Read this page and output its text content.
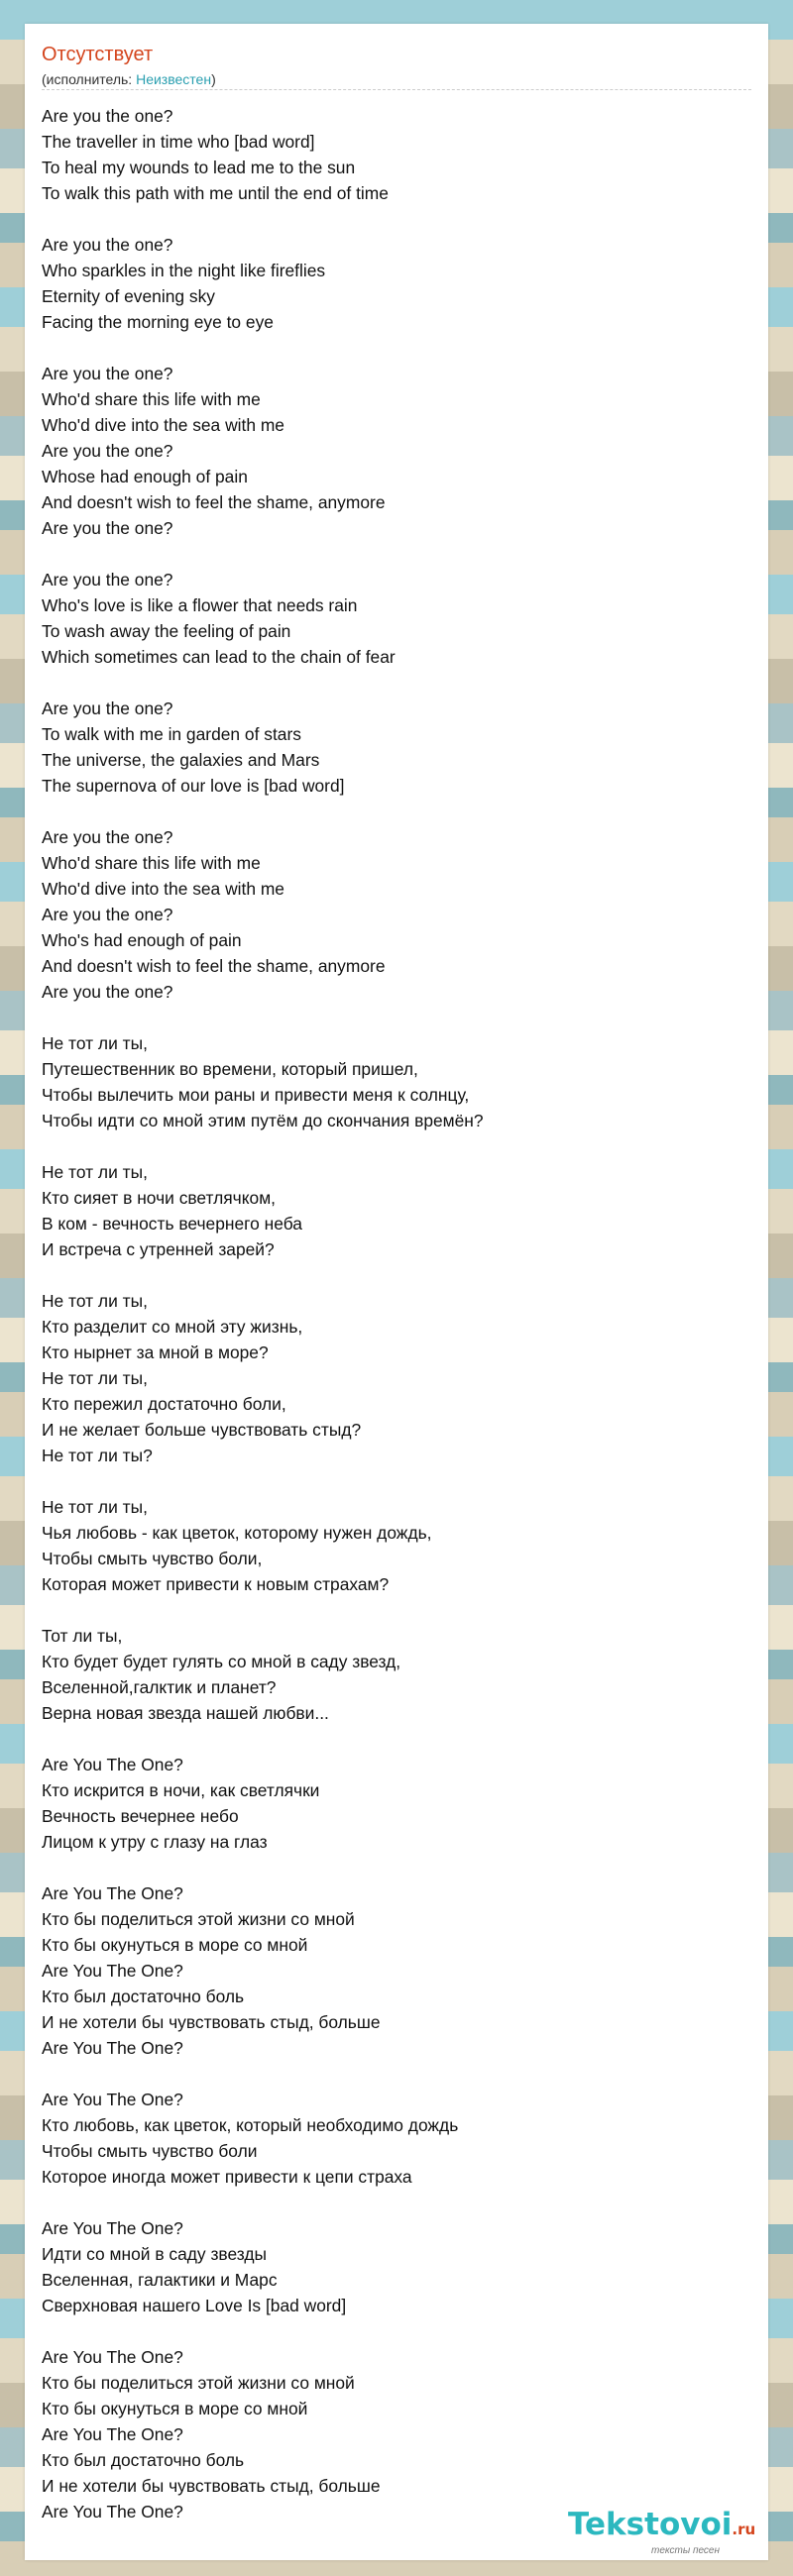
Отсутствует
(исполнитель: Неизвестен)
Are you the one?
The traveller in time who [bad word]
To heal my wounds to lead me to the sun
To walk this path with me until the end of time
Are you the one?
Who sparkles in the night like fireflies
Eternity of evening sky
Facing the morning eye to eye
Are you the one?
Who'd share this life with me
Who'd dive into the sea with me
Are you the one?
Whose had enough of pain
And doesn't wish to feel the shame, anymore
Are you the one?
Are you the one?
Who's love is like a flower that needs rain
To wash away the feeling of pain
Which sometimes can lead to the chain of fear
Are you the one?
To walk with me in garden of stars
The universe, the galaxies and Mars
The supernova of our love is [bad word]
Are you the one?
Who'd share this life with me
Who'd dive into the sea with me
Are you the one?
Who's had enough of pain
And doesn't wish to feel the shame, anymore
Are you the one?
Не тот ли ты,
Путешественник во времени, который пришел,
Чтобы вылечить мои раны и привести меня к солнцу,
Чтобы идти со мной этим путём до скончания времён?
Не тот ли ты,
Кто сияет в ночи светлячком,
В ком - вечность вечернего неба
И встреча с утренней зарей?
Не тот ли ты,
Кто разделит со мной эту жизнь,
Кто нырнет за мной в море?
Не тот ли ты,
Кто пережил достаточно боли,
И не желает больше чувствовать стыд?
Не тот ли ты?
Не тот ли ты,
Чья любовь - как цветок, которому нужен дождь,
Чтобы смыть чувство боли,
Которая может привести к новым страхам?
Тот ли ты,
Кто будет будет гулять со мной в саду звезд,
Вселенной,галктик и планет?
Верна новая звезда нашей любви...
Are You The One?
Кто искрится в ночи, как светлячки
Вечность вечернее небо
Лицом к утру с глазу на глаз
Are You The One?
Кто бы поделиться этой жизни со мной
Кто бы окунуться в море со мной
Are You The One?
Кто был достаточно боль
И не хотели бы чувствовать стыд, больше
Are You The One?
Are You The One?
Кто любовь, как цветок, который необходимо дождь
Чтобы смыть чувство боли
Которое иногда может привести к цепи страха
Are You The One?
Идти со мной в саду звезды
Вселенная, галактики и Марс
Сверхновая нашего Love Is [bad word]
Are You The One?
Кто бы поделиться этой жизни со мной
Кто бы окунуться в море со мной
Are You The One?
Кто был достаточно боль
И не хотели бы чувствовать стыд, больше
Are You The One?	Tekstovoi.ru
тексты песен
